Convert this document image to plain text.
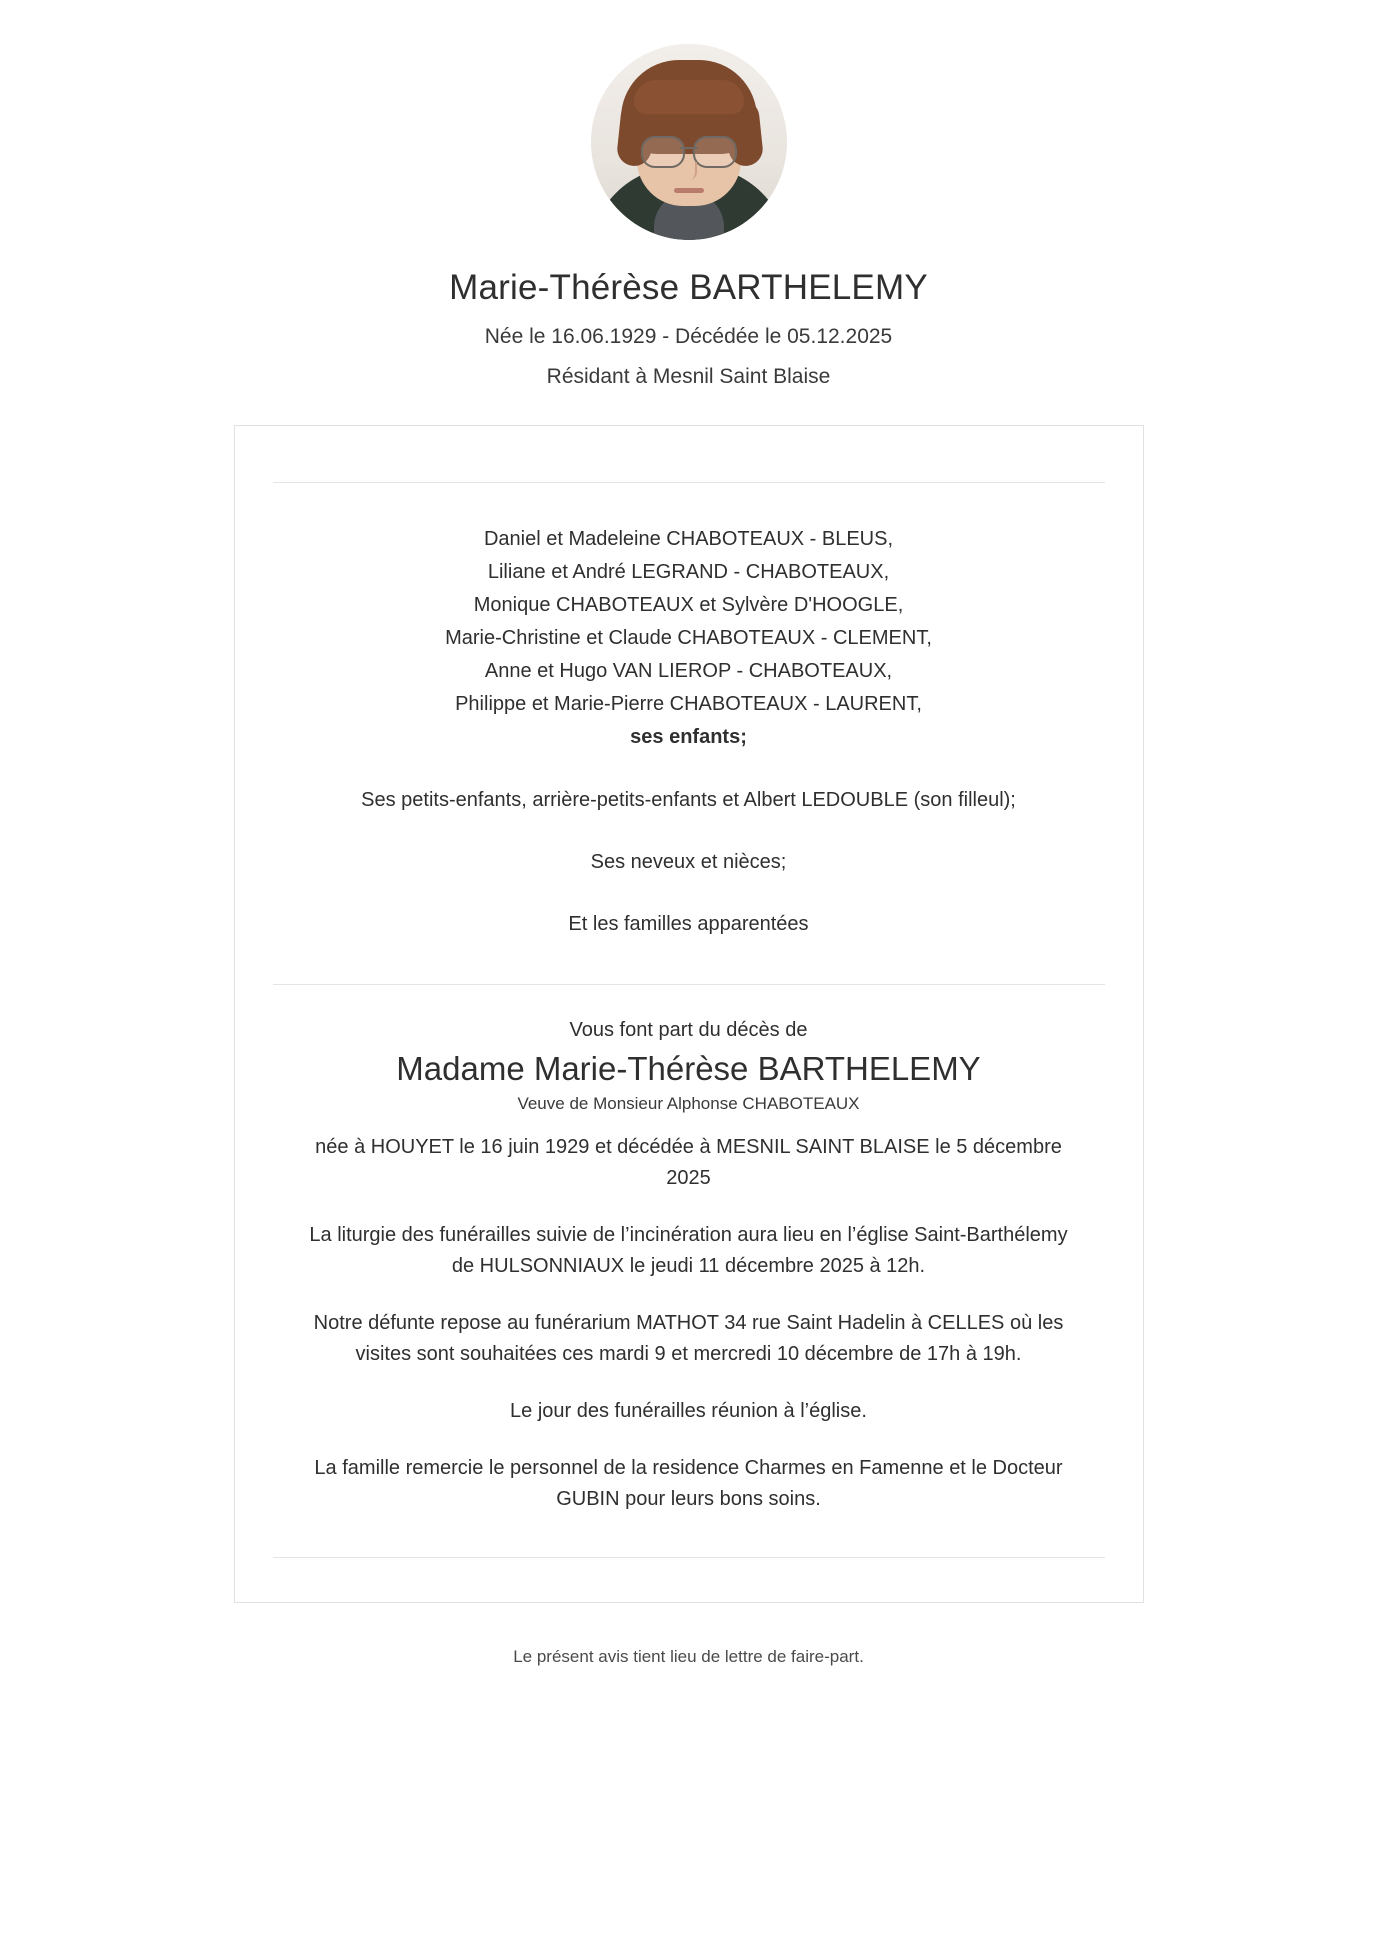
Marie-Thérèse BARTHELEMY
Née le 16.06.1929 - Décédée le 05.12.2025
Résidant à Mesnil Saint Blaise
Daniel et Madeleine CHABOTEAUX - BLEUS,
Liliane et André LEGRAND - CHABOTEAUX,
Monique CHABOTEAUX et Sylvère D'HOOGLE,
Marie-Christine et Claude CHABOTEAUX - CLEMENT,
Anne et Hugo VAN LIEROP - CHABOTEAUX,
Philippe et Marie-Pierre CHABOTEAUX - LAURENT,
ses enfants;
Ses petits-enfants, arrière-petits-enfants et Albert LEDOUBLE (son filleul);
Ses neveux et nièces;
Et les familles apparentées
Vous font part du décès de
Madame Marie-Thérèse BARTHELEMY
Veuve de Monsieur Alphonse CHABOTEAUX
née à HOUYET le 16 juin 1929 et décédée à MESNIL SAINT BLAISE le 5 décembre 2025
La liturgie des funérailles suivie de l’incinération aura lieu en l’église Saint-Barthélemy de HULSONNIAUX le jeudi 11 décembre 2025 à 12h.
Notre défunte repose au funérarium MATHOT 34 rue Saint Hadelin à CELLES où les visites sont souhaitées ces mardi 9 et mercredi 10 décembre de 17h à 19h.
Le jour des funérailles réunion à l’église.
La famille remercie le personnel de la residence Charmes en Famenne et le Docteur GUBIN pour leurs bons soins.
Le présent avis tient lieu de lettre de faire-part.
